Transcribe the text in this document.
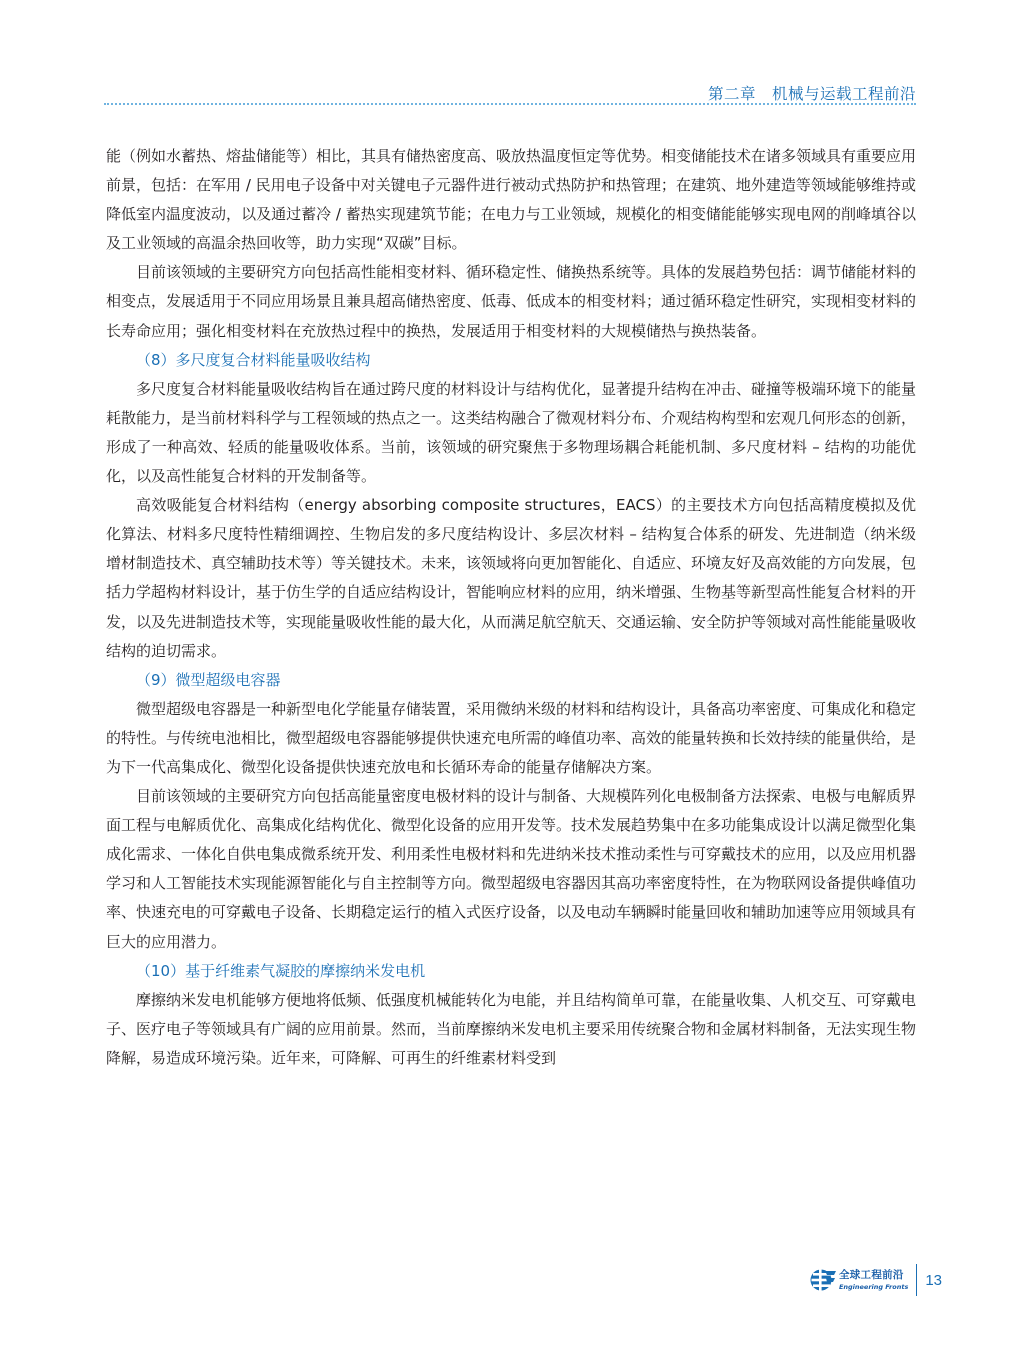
第二章　机械与运载工程前沿

能（例如水蓄热、熔盐储能等）相比，其具有储热密度高、吸放热温度恒定等优势。相变储能技术在诸多领域具有重要应用前景，包括：在军用 / 民用电子设备中对关键电子元器件进行被动式热防护和热管理；在建筑、地外建造等领域能够维持或降低室内温度波动，以及通过蓄冷 / 蓄热实现建筑节能；在电力与工业领域，规模化的相变储能能够实现电网的削峰填谷以及工业领域的高温余热回收等，助力实现“双碳”目标。

目前该领域的主要研究方向包括高性能相变材料、循环稳定性、储换热系统等。具体的发展趋势包括：调节储能材料的相变点，发展适用于不同应用场景且兼具超高储热密度、低毒、低成本的相变材料；通过循环稳定性研究，实现相变材料的长寿命应用；强化相变材料在充放热过程中的换热，发展适用于相变材料的大规模储热与换热装备。

（8）多尺度复合材料能量吸收结构

多尺度复合材料能量吸收结构旨在通过跨尺度的材料设计与结构优化，显著提升结构在冲击、碰撞等极端环境下的能量耗散能力，是当前材料科学与工程领域的热点之一。这类结构融合了微观材料分布、介观结构构型和宏观几何形态的创新，形成了一种高效、轻质的能量吸收体系。当前，该领域的研究聚焦于多物理场耦合耗能机制、多尺度材料 – 结构的功能优化，以及高性能复合材料的开发制备等。

高效吸能复合材料结构（energy absorbing composite structures，EACS）的主要技术方向包括高精度模拟及优化算法、材料多尺度特性精细调控、生物启发的多尺度结构设计、多层次材料 – 结构复合体系的研发、先进制造（纳米级增材制造技术、真空辅助技术等）等关键技术。未来，该领域将向更加智能化、自适应、环境友好及高效能的方向发展，包括力学超构材料设计，基于仿生学的自适应结构设计，智能响应材料的应用，纳米增强、生物基等新型高性能复合材料的开发，以及先进制造技术等，实现能量吸收性能的最大化，从而满足航空航天、交通运输、安全防护等领域对高性能能量吸收结构的迫切需求。

（9）微型超级电容器

微型超级电容器是一种新型电化学能量存储装置，采用微纳米级的材料和结构设计，具备高功率密度、可集成化和稳定的特性。与传统电池相比，微型超级电容器能够提供快速充电所需的峰值功率、高效的能量转换和长效持续的能量供给，是为下一代高集成化、微型化设备提供快速充放电和长循环寿命的能量存储解决方案。

目前该领域的主要研究方向包括高能量密度电极材料的设计与制备、大规模阵列化电极制备方法探索、电极与电解质界面工程与电解质优化、高集成化结构优化、微型化设备的应用开发等。技术发展趋势集中在多功能集成设计以满足微型化集成化需求、一体化自供电集成微系统开发、利用柔性电极材料和先进纳米技术推动柔性与可穿戴技术的应用，以及应用机器学习和人工智能技术实现能源智能化与自主控制等方向。微型超级电容器因其高功率密度特性，在为物联网设备提供峰值功率、快速充电的可穿戴电子设备、长期稳定运行的植入式医疗设备，以及电动车辆瞬时能量回收和辅助加速等应用领域具有巨大的应用潜力。

（10）基于纤维素气凝胶的摩擦纳米发电机

摩擦纳米发电机能够方便地将低频、低强度机械能转化为电能，并且结构简单可靠，在能量收集、人机交互、可穿戴电子、医疗电子等领域具有广阔的应用前景。然而，当前摩擦纳米发电机主要采用传统聚合物和金属材料制备，无法实现生物降解，易造成环境污染。近年来，可降解、可再生的纤维素材料受到

全球工程前沿
Engineering Fronts 13
